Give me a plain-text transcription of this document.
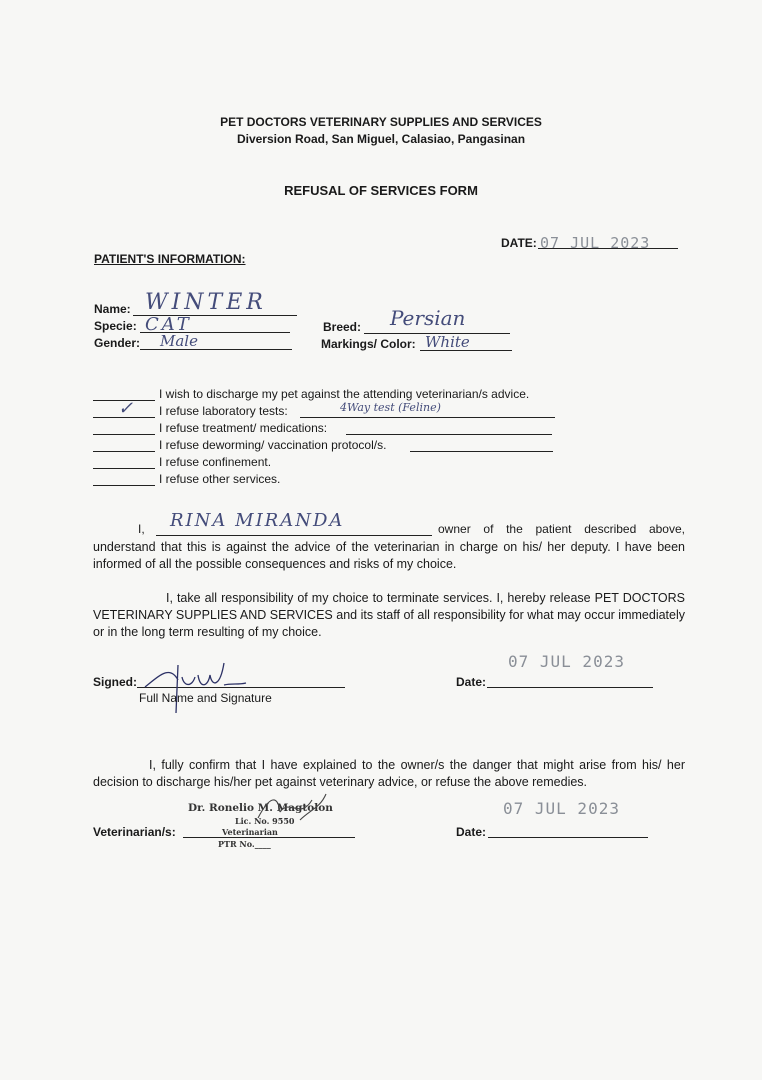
PET DOCTORS VETERINARY SUPPLIES AND SERVICES
Diversion Road, San Miguel, Calasiao, Pangasinan
REFUSAL OF SERVICES FORM
DATE: 07 JUL 2023
PATIENT'S INFORMATION:
Name: WINTER
Specie: CAT
Gender: Male
Breed: Persian
Markings/ Color: White
I wish to discharge my pet against the attending veterinarian/s advice.
✓ I refuse laboratory tests:	4Way test (Feline)
I refuse treatment/ medications:
I refuse deworming/ vaccination protocol/s.
I refuse confinement.
I refuse other services.
I, RINA MIRANDA	owner of the patient described above,
understand that this is against the advice of the veterinarian in charge on his/ her deputy. I have been informed of all the possible consequences and risks of my choice.
I, take all responsibility of my choice to terminate services. I, hereby release PET DOCTORS VETERINARY SUPPLIES AND SERVICES and its staff of all responsibility for what may occur immediately or in the long term resulting of my choice.
Signed:
Full Name and Signature
Date:
07 JUL 2023
I, fully confirm that I have explained to the owner/s the danger that might arise from his/ her decision to discharge his/her pet against veterinary advice, or refuse the above remedies.
Veterinarian/s:
Dr. Ronelio M. Magtolon
Lic. No. 9550
Veterinarian
PTR No.____
Date:
07 JUL 2023
